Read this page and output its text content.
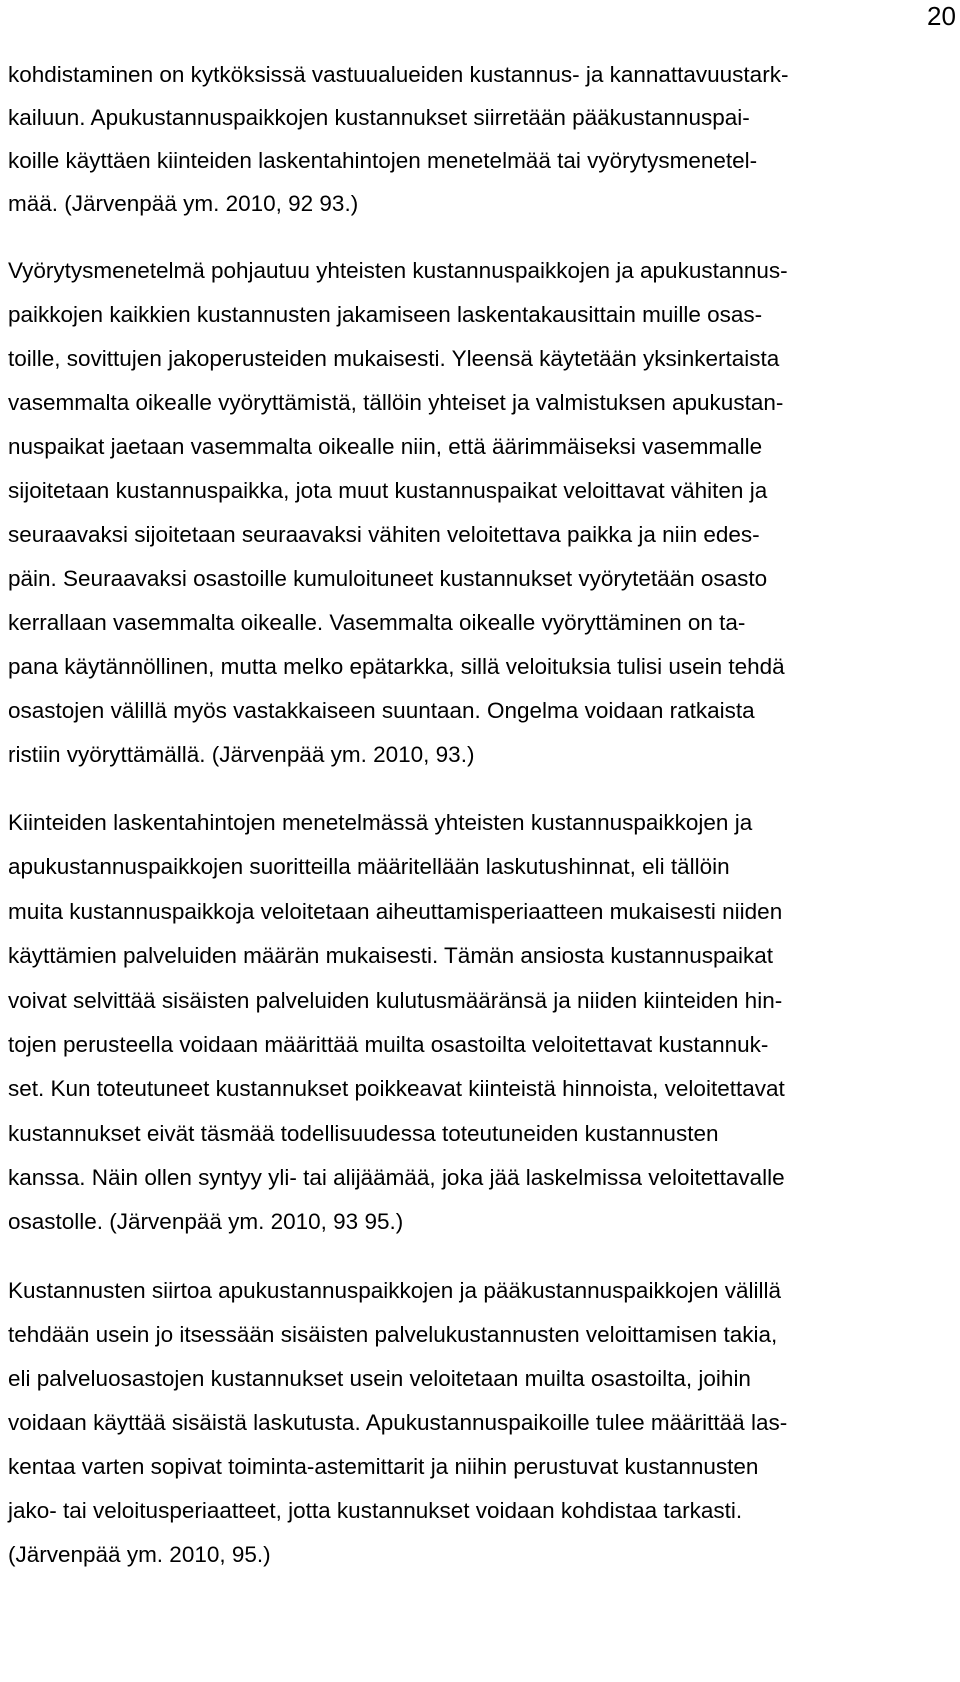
20
kohdistaminen on kytköksissä vastuualueiden kustannus- ja kannattavuustark-
kailuun. Apukustannuspaikkojen kustannukset siirretään pääkustannuspai-
koille käyttäen kiinteiden laskentahintojen menetelmää tai vyörytysmenetel-
mää. (Järvenpää ym. 2010, 92 93.)
Vyörytysmenetelmä pohjautuu yhteisten kustannuspaikkojen ja apukustannus-
paikkojen kaikkien kustannusten jakamiseen laskentakausittain muille osas-
toille, sovittujen jakoperusteiden mukaisesti. Yleensä käytetään yksinkertaista
vasemmalta oikealle vyöryttämistä, tällöin yhteiset ja valmistuksen apukustan-
nuspaikat jaetaan vasemmalta oikealle niin, että äärimmäiseksi vasemmalle
sijoitetaan kustannuspaikka, jota muut kustannuspaikat veloittavat vähiten ja
seuraavaksi sijoitetaan seuraavaksi vähiten veloitettava paikka ja niin edes-
päin. Seuraavaksi osastoille kumuloituneet kustannukset vyörytetään osasto
kerrallaan vasemmalta oikealle. Vasemmalta oikealle vyöryttäminen on ta-
pana käytännöllinen, mutta melko epätarkka, sillä veloituksia tulisi usein tehdä
osastojen välillä myös vastakkaiseen suuntaan. Ongelma voidaan ratkaista
ristiin vyöryttämällä. (Järvenpää ym. 2010, 93.)
Kiinteiden laskentahintojen menetelmässä yhteisten kustannuspaikkojen ja
apukustannuspaikkojen suoritteilla määritellään laskutushinnat, eli tällöin
muita kustannuspaikkoja veloitetaan aiheuttamisperiaatteen mukaisesti niiden
käyttämien palveluiden määrän mukaisesti. Tämän ansiosta kustannuspaikat
voivat selvittää sisäisten palveluiden kulutusmääränsä ja niiden kiinteiden hin-
tojen perusteella voidaan määrittää muilta osastoilta veloitettavat kustannuk-
set. Kun toteutuneet kustannukset poikkeavat kiinteistä hinnoista, veloitettavat
kustannukset eivät täsmää todellisuudessa toteutuneiden kustannusten
kanssa. Näin ollen syntyy yli- tai alijäämää, joka jää laskelmissa veloitettavalle
osastolle. (Järvenpää ym. 2010, 93 95.)
Kustannusten siirtoa apukustannuspaikkojen ja pääkustannuspaikkojen välillä
tehdään usein jo itsessään sisäisten palvelukustannusten veloittamisen takia,
eli palveluosastojen kustannukset usein veloitetaan muilta osastoilta, joihin
voidaan käyttää sisäistä laskutusta. Apukustannuspaikoille tulee määrittää las-
kentaa varten sopivat toiminta-astemittarit ja niihin perustuvat kustannusten
jako- tai veloitusperiaatteet, jotta kustannukset voidaan kohdistaa tarkasti.
(Järvenpää ym. 2010, 95.)
